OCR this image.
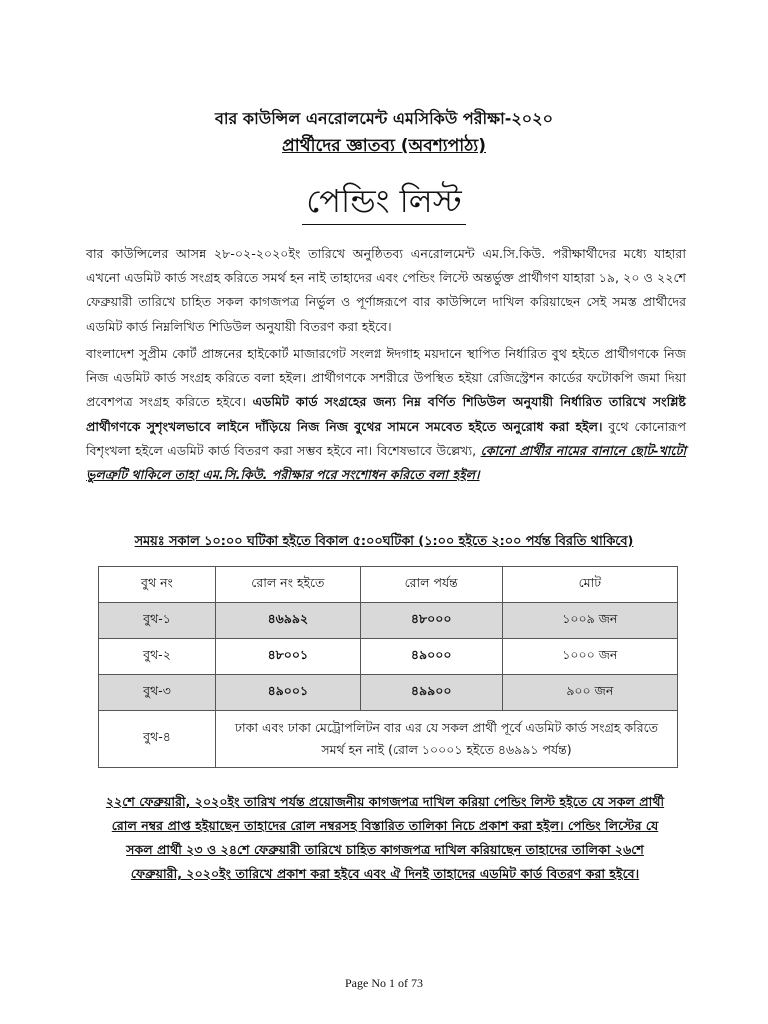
বার কাউন্সিল এনরোলমেন্ট এমসিকিউ পরীক্ষা-২০২০
প্রার্থীদের জ্ঞাতব্য (অবশ্যপাঠ্য)
পেন্ডিং লিস্ট
বার কাউন্সিলের আসন্ন ২৮-০২-২০২০ইং তারিখে অনুষ্ঠিতব্য এনরোলমেন্ট এম.সি.কিউ. পরীক্ষার্থীদের মধ্যে যাহারা এখনো এডমিট কার্ড সংগ্রহ করিতে সমর্থ হন নাই তাহাদের এবং পেন্ডিং লিস্টে অন্তর্ভুক্ত প্রার্থীগণ যাহারা ১৯, ২০ ও ২২শে ফেব্রুয়ারী তারিখে চাহিত সকল কাগজপত্র নির্ভুল ও পূর্ণাঙ্গরূপে বার কাউন্সিলে দাখিল করিয়াছেন সেই সমস্ত প্রার্থীদের এডমিট কার্ড নিম্নলিখিত শিডিউল অনুযায়ী বিতরণ করা হইবে।
বাংলাদেশ সুপ্রীম কোর্ট প্রাঙ্গনের হাইকোর্ট মাজারগেট সংলগ্ন ঈদগাহ ময়দানে স্থাপিত নির্ধারিত বুথ হইতে প্রার্থীগণকে নিজ নিজ এডমিট কার্ড সংগ্রহ করিতে বলা হইল। প্রার্থীগণকে সশরীরে উপস্থিত হইয়া রেজিস্ট্রেশন কার্ডের ফটোকপি জমা দিয়া প্রবেশপত্র সংগ্রহ করিতে হইবে। এডমিট কার্ড সংগ্রহের জন্য নিম্ন বর্ণিত শিডিউল অনুযায়ী নির্ধারিত তারিখে সংশ্লিষ্ট প্রার্থীগণকে সুশৃংখলভাবে লাইনে দাঁড়িয়ে নিজ নিজ বুথের সামনে সমবেত হইতে অনুরোধ করা হইল। বুথে কোনোরূপ বিশৃংখলা হইলে এডমিট কার্ড বিতরণ করা সম্ভব হইবে না। বিশেষভাবে উল্লেখ্য, কোনো প্রার্থীর নামের বানানে ছোট-খাটো ভুলত্রুটি থাকিলে তাহা এম.সি.কিউ. পরীক্ষার পরে সংশোধন করিতে বলা হইল।
সময়ঃ সকাল ১০:০০ ঘটিকা হইতে বিকাল ৫:০০ঘটিকা (১:০০ হইতে ২:০০ পর্যন্ত বিরতি থাকিবে)
বুথ নং	রোল নং হইতে	রোল পর্যন্ত	মোট
বুথ-১	৪৬৯৯২	৪৮০০০	১০০৯ জন
বুথ-২	৪৮০০১	৪৯০০০	১০০০ জন
বুথ-৩	৪৯০০১	৪৯৯০০	৯০০ জন
বুথ-৪	ঢাকা এবং ঢাকা মেট্রোপলিটন বার এর যে সকল প্রার্থী পূর্বে এডমিট কার্ড সংগ্রহ করিতে সমর্থ হন নাই (রোল ১০০০১ হইতে ৪৬৯৯১ পর্যন্ত)		
২২শে ফেব্রুয়ারী, ২০২০ইং তারিখ পর্যন্ত প্রয়োজনীয় কাগজপত্র দাখিল করিয়া পেন্ডিং লিস্ট হইতে যে সকল প্রার্থী রোল নম্বর প্রাপ্ত হইয়াছেন তাহাদের রোল নম্বরসহ বিস্তারিত তালিকা নিচে প্রকাশ করা হইল। পেন্ডিং লিস্টের যে সকল প্রার্থী ২৩ ও ২৪শে ফেব্রুয়ারী তারিখে চাহিত কাগজপত্র দাখিল করিয়াছেন তাহাদের তালিকা ২৬শে ফেব্রুয়ারী, ২০২০ইং তারিখে প্রকাশ করা হইবে এবং ঐ দিনই তাহাদের এডমিট কার্ড বিতরণ করা হইবে।
Page No 1 of 73
